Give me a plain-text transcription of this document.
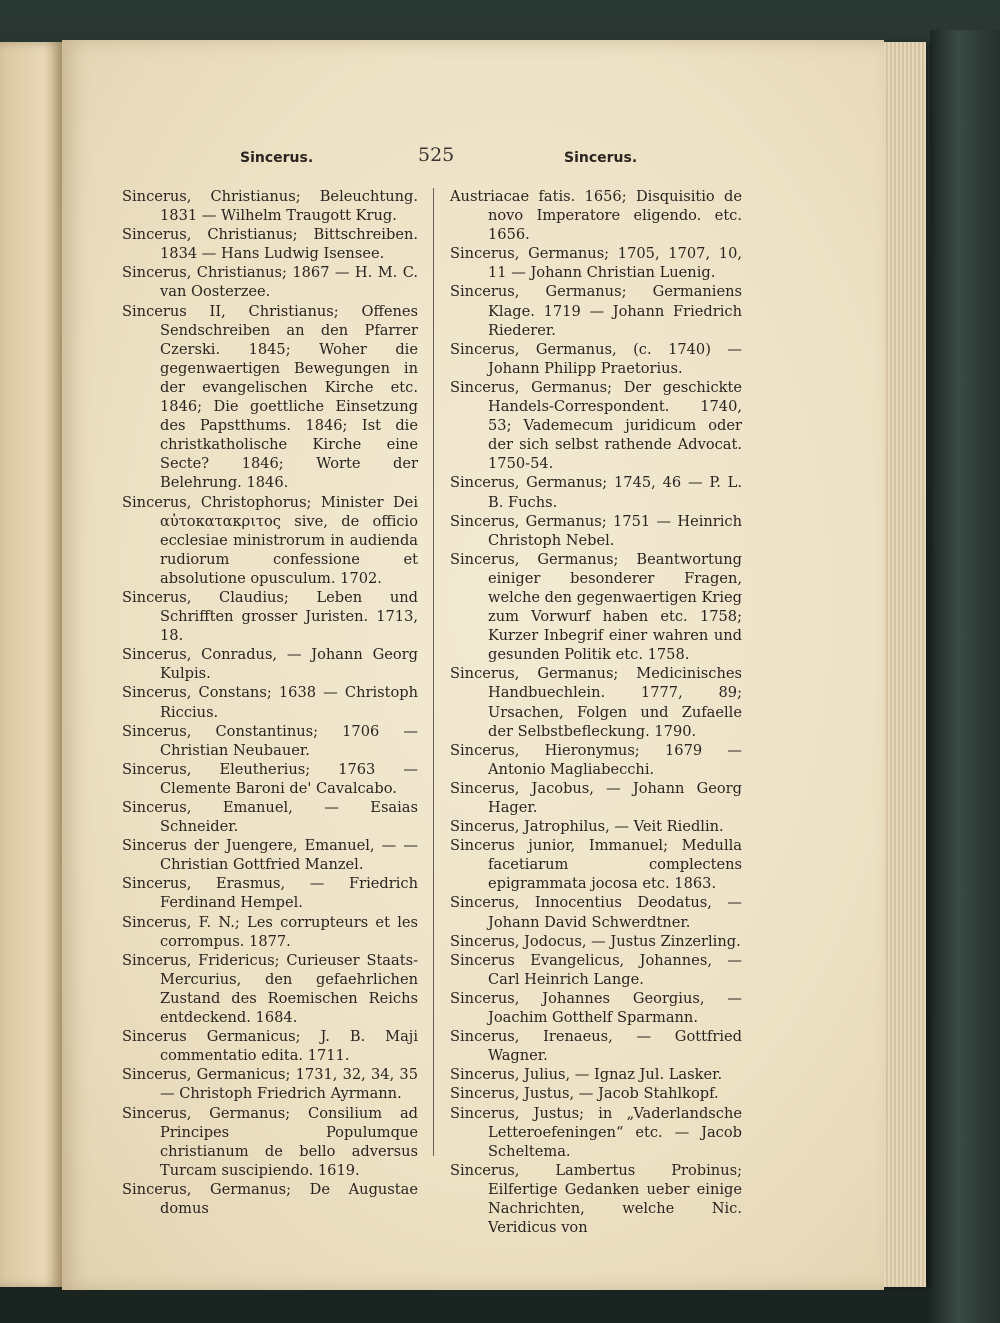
Sincerus.	525	Sincerus.
Sincerus, Christianus; Beleuchtung. 1831 — Wilhelm Traugott Krug.
Sincerus, Christianus; Bittschreiben. 1834 — Hans Ludwig Isensee.
Sincerus, Christianus; 1867 — H. M. C. van Oosterzee.
Sincerus II, Christianus; Offenes Sendschreiben an den Pfarrer Czerski. 1845; Woher die gegenwaertigen Bewegungen in der evangelischen Kirche etc. 1846; Die goettliche Einsetzung des Papstthums. 1846; Ist die christkatholische Kirche eine Secte? 1846; Worte der Belehrung. 1846.
Sincerus, Christophorus; Minister Dei αὐτοκατακριτος sive, de officio ecclesiae ministrorum in audienda rudiorum confessione et absolutione opusculum. 1702.
Sincerus, Claudius; Leben und Schrifften grosser Juristen. 1713, 18.
Sincerus, Conradus, — Johann Georg Kulpis.
Sincerus, Constans; 1638 — Christoph Riccius.
Sincerus, Constantinus; 1706 — Christian Neubauer.
Sincerus, Eleutherius; 1763 — Clemente Baroni de' Cavalcabo.
Sincerus, Emanuel, — Esaias Schneider.
Sincerus der Juengere, Emanuel, — — Christian Gottfried Manzel.
Sincerus, Erasmus, — Friedrich Ferdinand Hempel.
Sincerus, F. N.; Les corrupteurs et les corrompus. 1877.
Sincerus, Fridericus; Curieuser Staats-Mercurius, den gefaehrlichen Zustand des Roemischen Reichs entdeckend. 1684.
Sincerus Germanicus; J. B. Maji commentatio edita. 1711.
Sincerus, Germanicus; 1731, 32, 34, 35 — Christoph Friedrich Ayrmann.
Sincerus, Germanus; Consilium ad Principes Populumque christianum de bello adversus Turcam suscipiendo. 1619.
Sincerus, Germanus; De Augustae domus
Austriacae fatis. 1656; Disquisitio de novo Imperatore eligendo. etc. 1656.
Sincerus, Germanus; 1705, 1707, 10, 11 — Johann Christian Luenig.
Sincerus, Germanus; Germaniens Klage. 1719 — Johann Friedrich Riederer.
Sincerus, Germanus, (c. 1740) — Johann Philipp Praetorius.
Sincerus, Germanus; Der geschickte Handels-Correspondent. 1740, 53; Vademecum juridicum oder der sich selbst rathende Advocat. 1750-54.
Sincerus, Germanus; 1745, 46 — P. L. B. Fuchs.
Sincerus, Germanus; 1751 — Heinrich Christoph Nebel.
Sincerus, Germanus; Beantwortung einiger besonderer Fragen, welche den gegenwaertigen Krieg zum Vorwurf haben etc. 1758; Kurzer Inbegrif einer wahren und gesunden Politik etc. 1758.
Sincerus, Germanus; Medicinisches Handbuechlein. 1777, 89; Ursachen, Folgen und Zufaelle der Selbstbefleckung. 1790.
Sincerus, Hieronymus; 1679 — Antonio Magliabecchi.
Sincerus, Jacobus, — Johann Georg Hager.
Sincerus, Jatrophilus, — Veit Riedlin.
Sincerus junior, Immanuel; Medulla facetiarum complectens epigrammata jocosa etc. 1863.
Sincerus, Innocentius Deodatus, — Johann David Schwerdtner.
Sincerus, Jodocus, — Justus Zinzerling.
Sincerus Evangelicus, Johannes, — Carl Heinrich Lange.
Sincerus, Johannes Georgius, — Joachim Gotthelf Sparmann.
Sincerus, Irenaeus, — Gottfried Wagner.
Sincerus, Julius, — Ignaz Jul. Lasker.
Sincerus, Justus, — Jacob Stahlkopf.
Sincerus, Justus; in „Vaderlandsche Letteroefeningen“ etc. — Jacob Scheltema.
Sincerus, Lambertus Probinus; Eilfertige Gedanken ueber einige Nachrichten, welche Nic. Veridicus von
